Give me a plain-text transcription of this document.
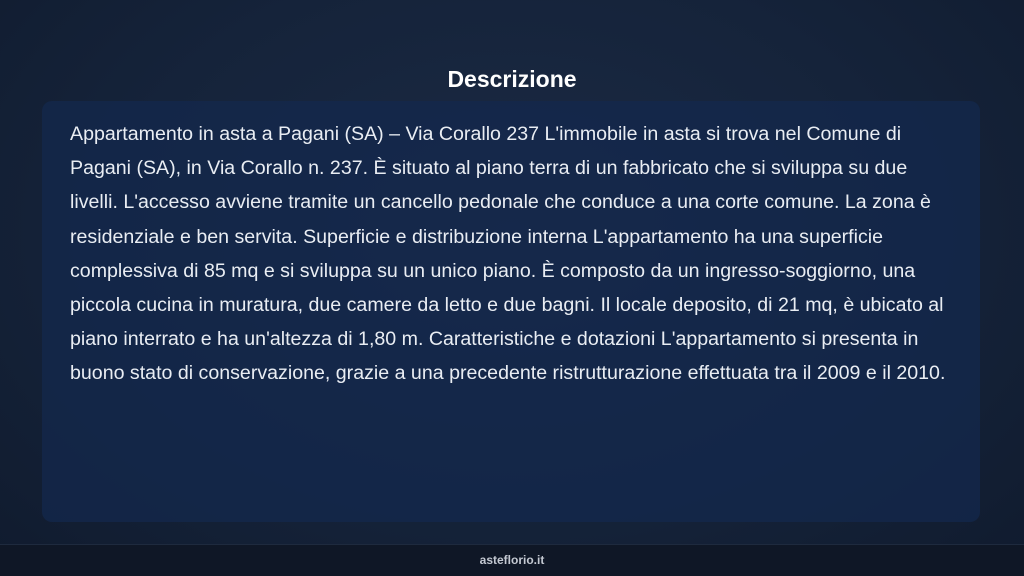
Descrizione

Appartamento in asta a Pagani (SA) – Via Corallo 237 L'immobile in asta si trova nel Comune di Pagani (SA), in Via Corallo n. 237. È situato al piano terra di un fabbricato che si sviluppa su due livelli. L'accesso avviene tramite un cancello pedonale che conduce a una corte comune. La zona è residenziale e ben servita. Superficie e distribuzione interna L'appartamento ha una superficie complessiva di 85 mq e si sviluppa su un unico piano. È composto da un ingresso-soggiorno, una piccola cucina in muratura, due camere da letto e due bagni. Il locale deposito, di 21 mq, è ubicato al piano interrato e ha un'altezza di 1,80 m. Caratteristiche e dotazioni L'appartamento si presenta in buono stato di conservazione, grazie a una precedente ristrutturazione effettuata tra il 2009 e il 2010.

asteflorio.it
